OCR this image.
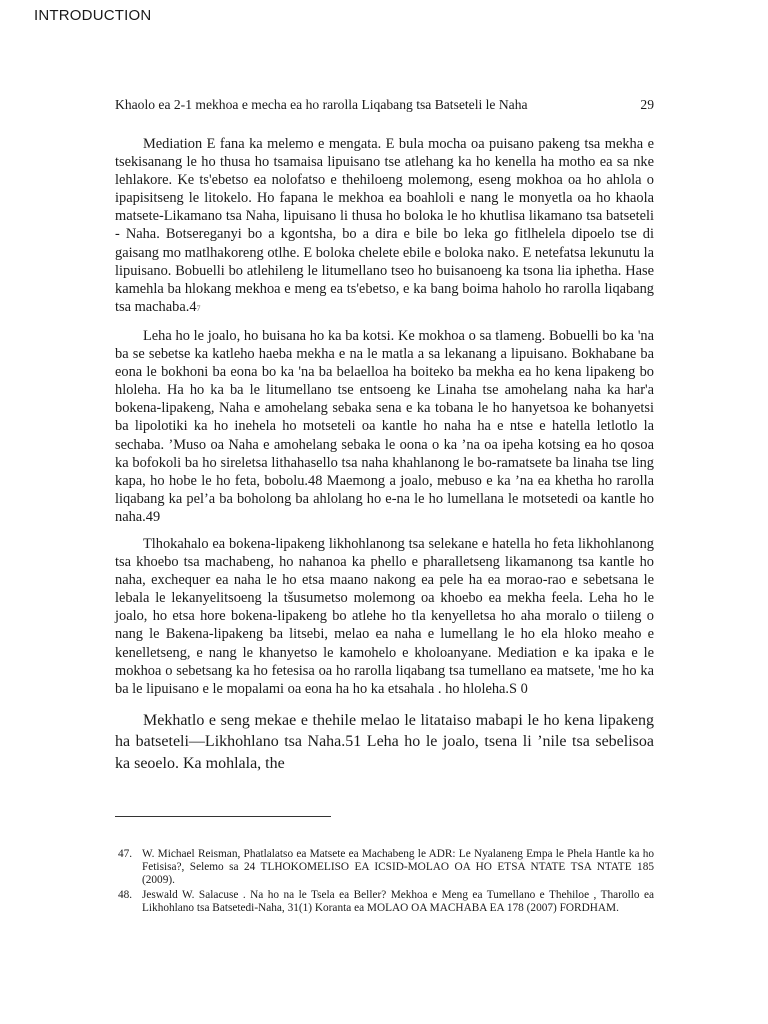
INTRODUCTION
Khaolo ea 2-1 mekhoa e mecha ea ho rarolla Liqabang tsa Batseteli le Naha	29

Mediation E fana ka melemo e mengata. E bula mocha oa puisano pakeng tsa mekha e tsekisanang le ho thusa ho tsamaisa lipuisano tse atlehang ka ho kenella ha motho ea sa nke lehlakore. Ke ts'ebetso ea nolofatso e thehiloeng molemong, eseng mokhoa oa ho ahlola o ipapisitseng le litokelo. Ho fapana le mekhoa ea boahloli e nang le monyetla oa ho khaola matsete-Likamano tsa Naha, lipuisano li thusa ho boloka le ho khutlisa likamano tsa batseteli - Naha. Botsereganyi bo a kgontsha, bo a dira e bile bo leka go fitlhelela dipoelo tse di gaisang mo matlhakoreng otlhe. E boloka chelete ebile e boloka nako. E netefatsa lekunutu la lipuisano. Bobuelli bo atlehileng le litumellano tseo ho buisanoeng ka tsona lia iphetha. Hase kamehla ba hlokang mekhoa e meng ea ts'ebetso, e ka bang boima haholo ho rarolla liqabang tsa machaba.47

Leha ho le joalo, ho buisana ho ka ba kotsi. Ke mokhoa o sa tlameng. Bobuelli bo ka 'na ba se sebetse ka katleho haeba mekha e na le matla a sa lekanang a lipuisano. Bokhabane ba eona le bokhoni ba eona bo ka 'na ba belaelloa ha boiteko ba mekha ea ho kena lipakeng bo hloleha. Ha ho ka ba le litumellano tse entsoeng ke Linaha tse amohelang naha ka har'a bokena-lipakeng, Naha e amohelang sebaka sena e ka tobana le ho hanyetsoa ke bohanyetsi ba lipolotiki ka ho inehela ho motseteli oa kantle ho naha ha e ntse e hatella letlotlo la sechaba. ’Muso oa Naha e amohelang sebaka le oona o ka ’na oa ipeha kotsing ea ho qosoa ka bofokoli ba ho sireletsa lithahasello tsa naha khahlanong le bo-ramatsete ba linaha tse ling kapa, ho hobe le ho feta, bobolu.48 Maemong a joalo, mebuso e ka ’na ea khetha ho rarolla liqabang ka pel’a ba boholong ba ahlolang ho e-na le ho lumellana le motsetedi oa kantle ho naha.49

Tlhokahalo ea bokena-lipakeng likhohlanong tsa selekane e hatella ho feta likhohlanong tsa khoebo tsa machabeng, ho nahanoa ka phello e pharalletseng likamanong tsa kantle ho naha, exchequer ea naha le ho etsa maano nakong ea pele ha ea morao-rao e sebetsana le lebala le lekanyelitsoeng la tšusumetso molemong oa khoebo ea mekha feela. Leha ho le joalo, ho etsa hore bokena-lipakeng bo atlehe ho tla kenyelletsa ho aha moralo o tiileng o nang le Bakena-lipakeng ba litsebi, melao ea naha e lumellang le ho ela hloko meaho e kenelletseng, e nang le khanyetso le kamohelo e kholoanyane. Mediation e ka ipaka e le mokhoa o sebetsang ka ho fetesisa oa ho rarolla liqabang tsa tumellano ea matsete, 'me ho ka ba le lipuisano e le mopalami oa eona ha ho ka etsahala . ho hloleha.S 0

Mekhatlo e seng mekae e thehile melao le litataiso mabapi le ho kena lipakeng ha batseteli—Likhohlano tsa Naha.51 Leha ho le joalo, tsena li ’nile tsa sebelisoa ka seoelo. Ka mohlala, the

47. W. Michael Reisman, Phatlalatso ea Matsete ea Machabeng le ADR: Le Nyalaneng Empa le Phela Hantle ka ho Fetisisa?, Selemo sa 24 TLHOKOMELISO EA ICSID-MOLAO OA HO ETSA NTATE TSA NTATE 185 (2009).
48. Jeswald W. Salacuse . Na ho na le Tsela ea Beller? Mekhoa e Meng ea Tumellano e Thehiloe , Tharollo ea Likhohlano tsa Batsetedi-Naha, 31(1) Koranta ea MOLAO OA MACHABA EA 178 (2007) FORDHAM.
